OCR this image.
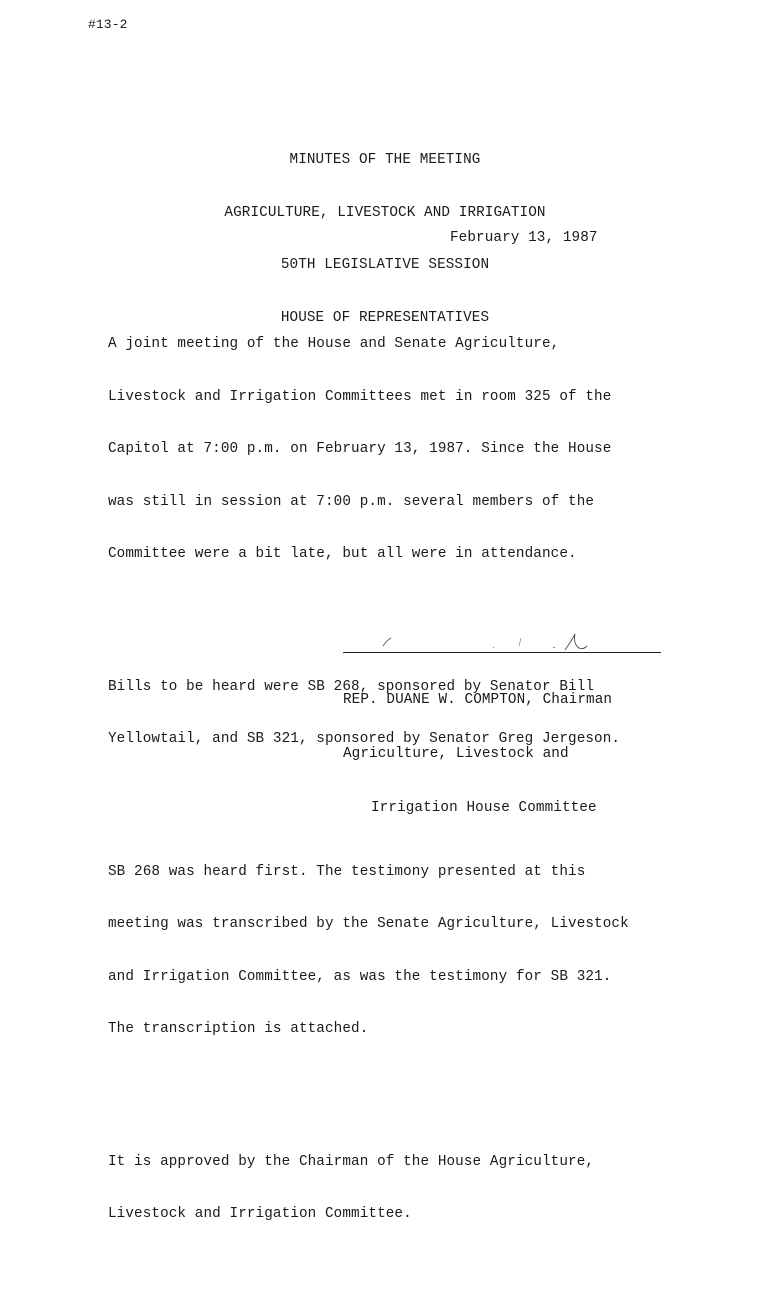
#13-2

MINUTES OF THE MEETING

AGRICULTURE, LIVESTOCK AND IRRIGATION

50TH LEGISLATIVE SESSION

HOUSE OF REPRESENTATIVES

February 13, 1987

A joint meeting of the House and Senate Agriculture,

Livestock and Irrigation Committees met in room 325 of the

Capitol at 7:00 p.m. on February 13, 1987. Since the House

was still in session at 7:00 p.m. several members of the

Committee were a bit late, but all were in attendance.

Bills to be heard were SB 268, sponsored by Senator Bill

Yellowtail, and SB 321, sponsored by Senator Greg Jergeson.

SB 268 was heard first. The testimony presented at this

meeting was transcribed by the Senate Agriculture, Livestock

and Irrigation Committee, as was the testimony for SB 321.

The transcription is attached.

It is approved by the Chairman of the House Agriculture,

Livestock and Irrigation Committee.

REP. DUANE W. COMPTON, Chairman

Agriculture, Livestock and

Irrigation House Committee
